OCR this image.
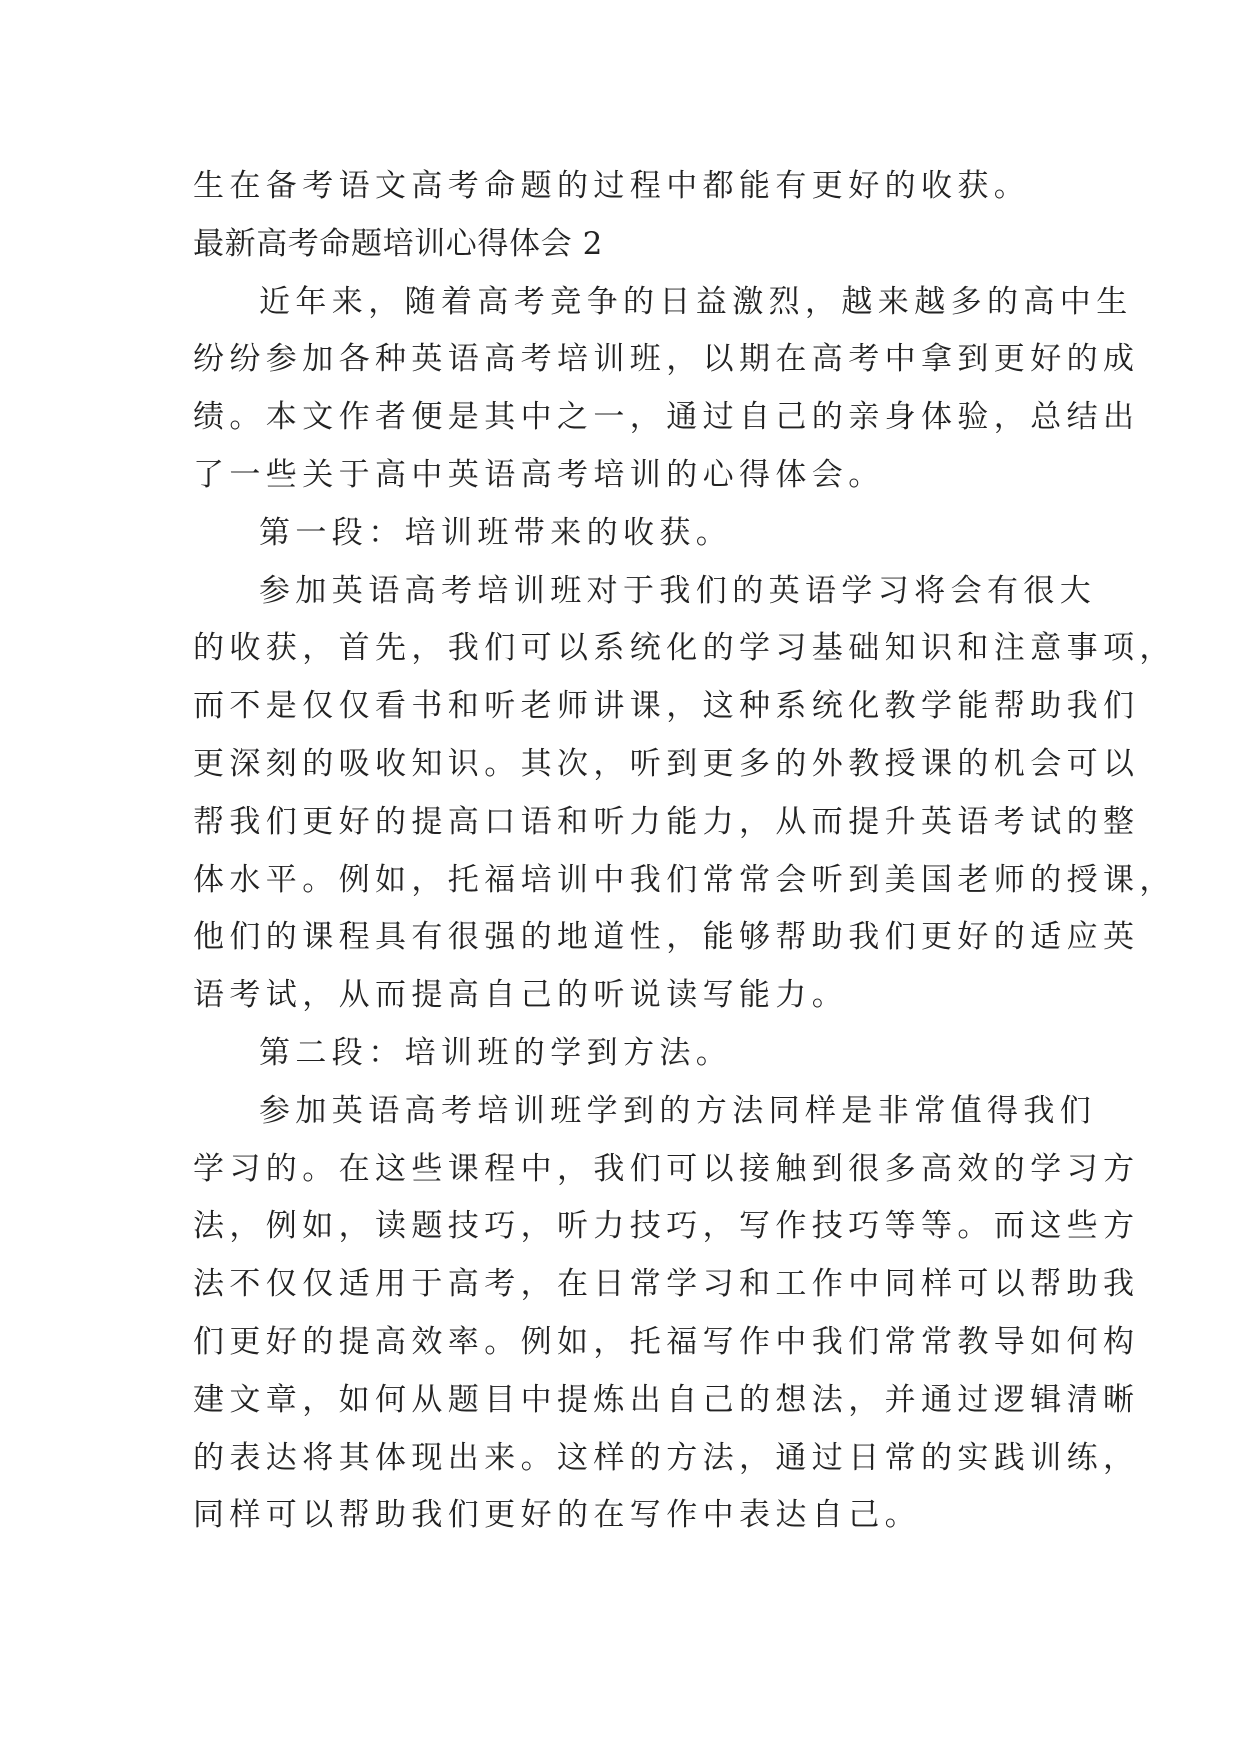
生在备考语文高考命题的过程中都能有更好的收获。
最新高考命题培训心得体会 2
近年来，随着高考竞争的日益激烈，越来越多的高中生
纷纷参加各种英语高考培训班，以期在高考中拿到更好的成
绩。本文作者便是其中之一，通过自己的亲身体验，总结出
了一些关于高中英语高考培训的心得体会。
第一段：培训班带来的收获。
参加英语高考培训班对于我们的英语学习将会有很大
的收获，首先，我们可以系统化的学习基础知识和注意事项，
而不是仅仅看书和听老师讲课，这种系统化教学能帮助我们
更深刻的吸收知识。其次，听到更多的外教授课的机会可以
帮我们更好的提高口语和听力能力，从而提升英语考试的整
体水平。例如，托福培训中我们常常会听到美国老师的授课，
他们的课程具有很强的地道性，能够帮助我们更好的适应英
语考试，从而提高自己的听说读写能力。
第二段：培训班的学到方法。
参加英语高考培训班学到的方法同样是非常值得我们
学习的。在这些课程中，我们可以接触到很多高效的学习方
法，例如，读题技巧，听力技巧，写作技巧等等。而这些方
法不仅仅适用于高考，在日常学习和工作中同样可以帮助我
们更好的提高效率。例如，托福写作中我们常常教导如何构
建文章，如何从题目中提炼出自己的想法，并通过逻辑清晰
的表达将其体现出来。这样的方法，通过日常的实践训练，
同样可以帮助我们更好的在写作中表达自己。
